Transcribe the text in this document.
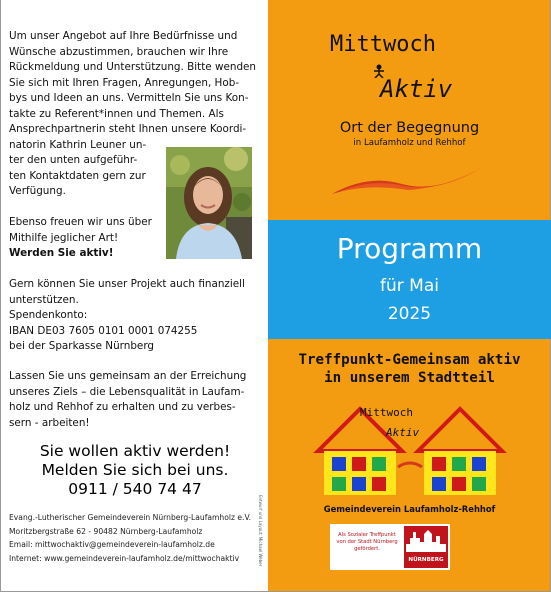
Um unser Angebot auf Ihre Bedürfnisse und
Wünsche abzustimmen, brauchen wir Ihre
Rückmeldung und Unterstützung. Bitte wenden
Sie sich mit Ihren Fragen, Anregungen, Hob-
bys und Ideen an uns. Vermitteln Sie uns Kon-
takte zu Referent*innen und Themen. Als
Ansprechpartnerin steht Ihnen unsere Koordi-
natorin Kathrin Leuner un-
ter den unten aufgeführ-
ten Kontaktdaten gern zur
Verfügung.
Ebenso freuen wir uns über
Mithilfe jeglicher Art!
Werden Sie aktiv!
Gern können Sie unser Projekt auch finanziell
unterstützen.
Spendenkonto:
IBAN DE03 7605 0101 0001 074255
bei der Sparkasse Nürnberg
Lassen Sie uns gemeinsam an der Erreichung
unseres Ziels – die Lebensqualität in Laufam-
holz und Rehhof zu erhalten und zu verbes-
sern - arbeiten!
Sie wollen aktiv werden!
Melden Sie sich bei uns.
0911 / 540 74 47
Evang.-Lutherischer Gemeindeverein Nürnberg-Laufamholz e.V.
Moritzbergstraße 62 - 90482 Nürnberg-Laufamholz
Email: mittwochaktiv@gemeindeverein-laufamholz.de
Internet: www.gemeindeverein-laufamholz.de/mittwochaktiv	Entwurf und Layout: Michael Weber
Mittwoch
Aktiv
Ort der Begegnung
in Laufamholz und Rehhof
Programm
für Mai
2025
Treffpunkt-Gemeinsam aktiv
in unserem Stadtteil
Mittwoch
Aktiv
Gemeindeverein Laufamholz-Rehhof
Als Sozialer Treffpunkt von der Stadt Nürnberg gefördert.
NÜRNBERG
